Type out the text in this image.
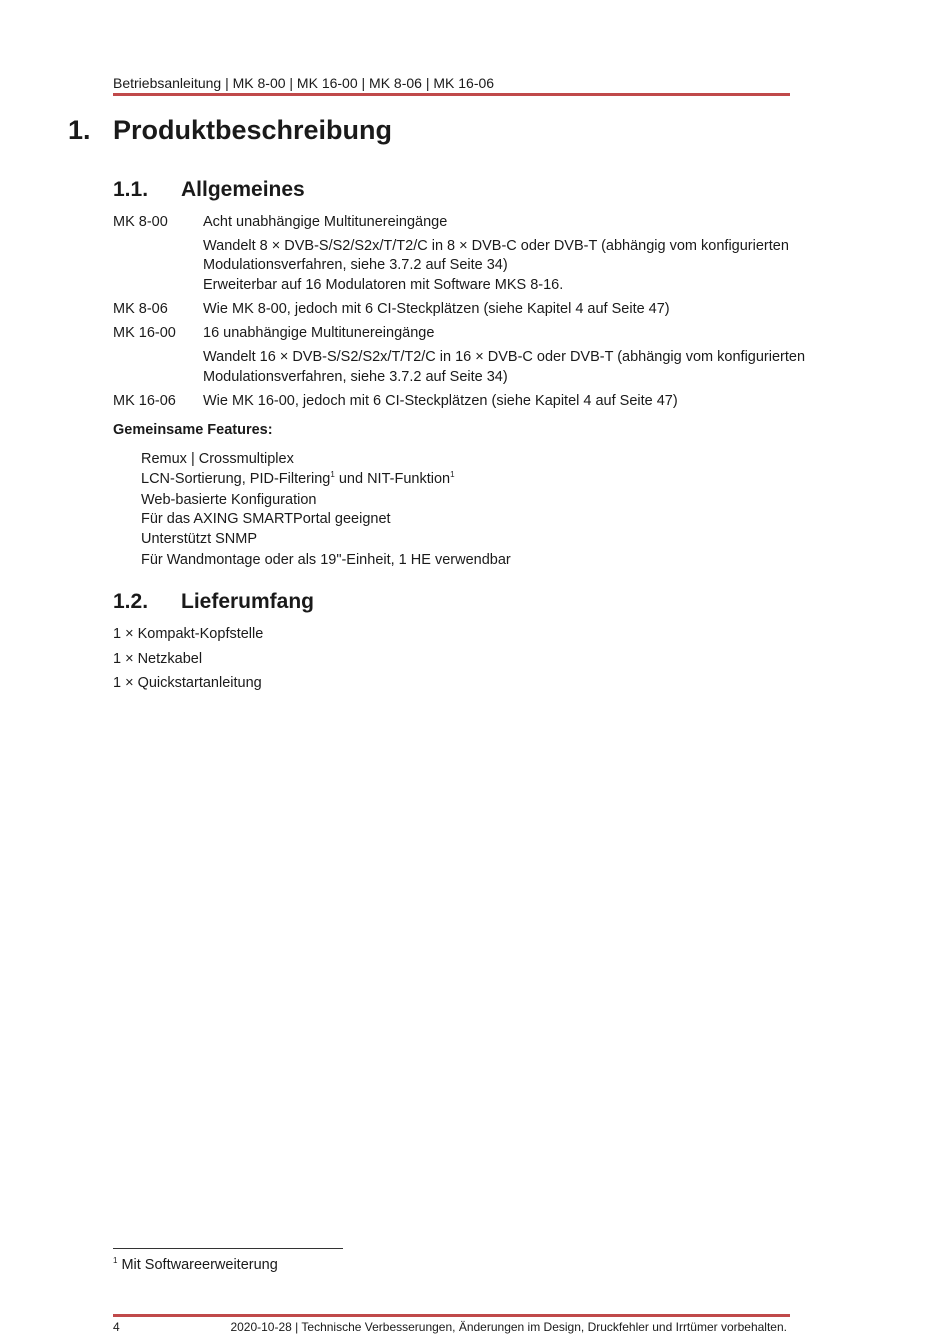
Betriebsanleitung | MK 8-00 | MK 16-00 | MK 8-06 | MK 16-06
1. Produktbeschreibung
1.1. Allgemeines
MK 8-00 Acht unabhängige Multitunereingänge
Wandelt 8 × DVB-S/S2/S2x/T/T2/C in 8 × DVB-C oder DVB-T (abhängig vom konfigurierten
Modulationsverfahren, siehe 3.7.2 auf Seite 34)
Erweiterbar auf 16 Modulatoren mit Software MKS 8-16.
MK 8-06 Wie MK 8-00, jedoch mit 6 CI-Steckplätzen (siehe Kapitel 4 auf Seite 47)
MK 16-00 16 unabhängige Multitunereingänge
Wandelt 16 × DVB-S/S2/S2x/T/T2/C in 16 × DVB-C oder DVB-T (abhängig vom konfigurierten
Modulationsverfahren, siehe 3.7.2 auf Seite 34)
MK 16-06 Wie MK 16-00, jedoch mit 6 CI-Steckplätzen (siehe Kapitel 4 auf Seite 47)
Gemeinsame Features:
Remux | Crossmultiplex
LCN-Sortierung, PID-Filtering$^1$ und NIT-Funktion$^1$
Web-basierte Konfiguration
Für das AXING SMARTPortal geeignet
Unterstützt SNMP
Für Wandmontage oder als 19"-Einheit, 1 HE verwendbar
1.2. Lieferumfang
1 × Kompakt-Kopfstelle
1 × Netzkabel
1 × Quickstartanleitung
$^1$ Mit Softwareerweiterung
4	2020-10-28 | Technische Verbesserungen, Änderungen im Design, Druckfehler und Irrtümer vorbehalten.
